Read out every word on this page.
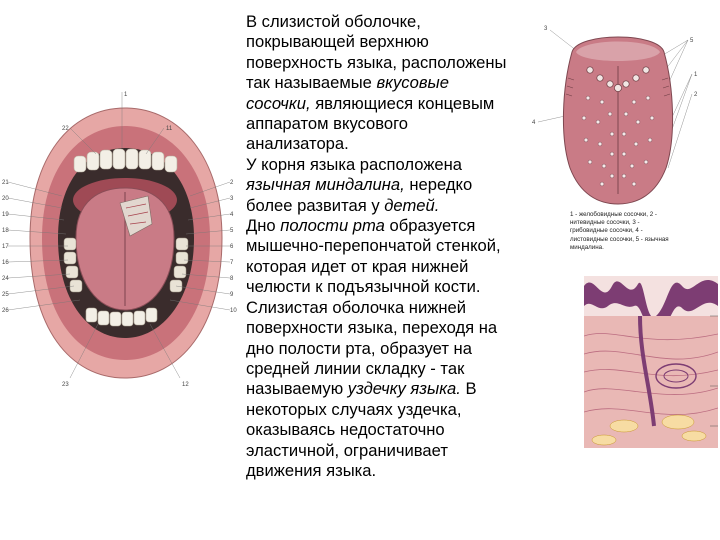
21
20
19
18
17
16
24
25
26
2
3
4
5
6
7
8
9
10
1
22	11
23	12
В слизистой оболочке,
покрывающей верхнюю
поверхность языка, расположены
так называемые вкусовые
сосочки, являющиеся концевым
аппаратом вкусового
анализатора.
У корня языка расположена
язычная миндалина, нередко
более развитая у детей.
Дно полости рта образуется
мышечно-перепончатой стенкой,
которая идет от края нижней
челюсти к подъязычной кости.
Слизистая оболочка нижней
поверхности языка, переходя на
дно полости рта, образует на
средней линии складку - так
называемую уздечку языка. В
некоторых случаях уздечка,
оказываясь недостаточно
эластичной, ограничивает
движения языка.
3
4
5
1
2
1 - желобовидные сосочки, 2 -
нитевидные сосочки, 3 -
грибовидные сосочки, 4 -
листовидные сосочки, 5 - язычная
миндалина.
